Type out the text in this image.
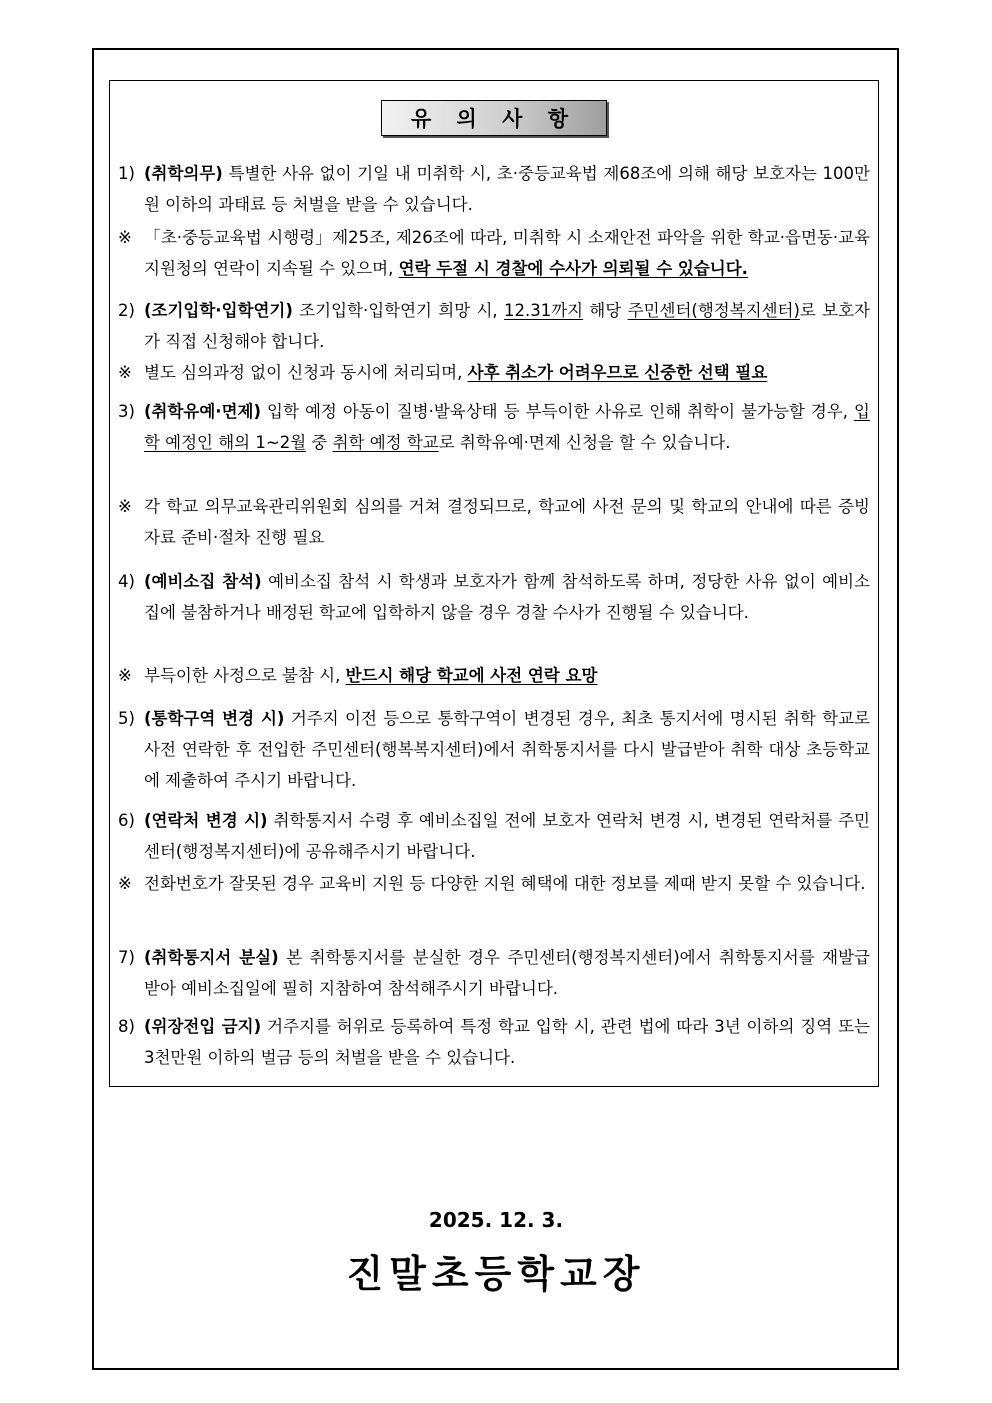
유 의 사 항
1) (취학의무) 특별한 사유 없이 기일 내 미취학 시, 초·중등교육법 제68조에 의해 해당 보호자는 100만원 이하의 과태료 등 처벌을 받을 수 있습니다.
※ 「초·중등교육법 시행령」제25조, 제26조에 따라, 미취학 시 소재안전 파악을 위한 학교·읍면동·교육지원청의 연락이 지속될 수 있으며, 연락 두절 시 경찰에 수사가 의뢰될 수 있습니다.
2) (조기입학·입학연기) 조기입학·입학연기 희망 시, 12.31까지 해당 주민센터(행정복지센터)로 보호자가 직접 신청해야 합니다.
※ 별도 심의과정 없이 신청과 동시에 처리되며, 사후 취소가 어려우므로 신중한 선택 필요
3) (취학유예·면제) 입학 예정 아동이 질병·발육상태 등 부득이한 사유로 인해 취학이 불가능할 경우, 입학 예정인 해의 1~2월 중 취학 예정 학교로 취학유예·면제 신청을 할 수 있습니다.
※ 각 학교 의무교육관리위원회 심의를 거쳐 결정되므로, 학교에 사전 문의 및 학교의 안내에 따른 증빙자료 준비·절차 진행 필요
4) (예비소집 참석) 예비소집 참석 시 학생과 보호자가 함께 참석하도록 하며, 정당한 사유 없이 예비소집에 불참하거나 배정된 학교에 입학하지 않을 경우 경찰 수사가 진행될 수 있습니다.
※ 부득이한 사정으로 불참 시, 반드시 해당 학교에 사전 연락 요망
5) (통학구역 변경 시) 거주지 이전 등으로 통학구역이 변경된 경우, 최초 통지서에 명시된 취학 학교로 사전 연락한 후 전입한 주민센터(행복복지센터)에서 취학통지서를 다시 발급받아 취학 대상 초등학교에 제출하여 주시기 바랍니다.
6) (연락처 변경 시) 취학통지서 수령 후 예비소집일 전에 보호자 연락처 변경 시, 변경된 연락처를 주민센터(행정복지센터)에 공유해주시기 바랍니다.
※ 전화번호가 잘못된 경우 교육비 지원 등 다양한 지원 혜택에 대한 정보를 제때 받지 못할 수 있습니다.
7) (취학통지서 분실) 본 취학통지서를 분실한 경우 주민센터(행정복지센터)에서 취학통지서를 재발급 받아 예비소집일에 필히 지참하여 참석해주시기 바랍니다.
8) (위장전입 금지) 거주지를 허위로 등록하여 특정 학교 입학 시, 관련 법에 따라 3년 이하의 징역 또는 3천만원 이하의 벌금 등의 처벌을 받을 수 있습니다.
2025. 12. 3.
진말초등학교장
